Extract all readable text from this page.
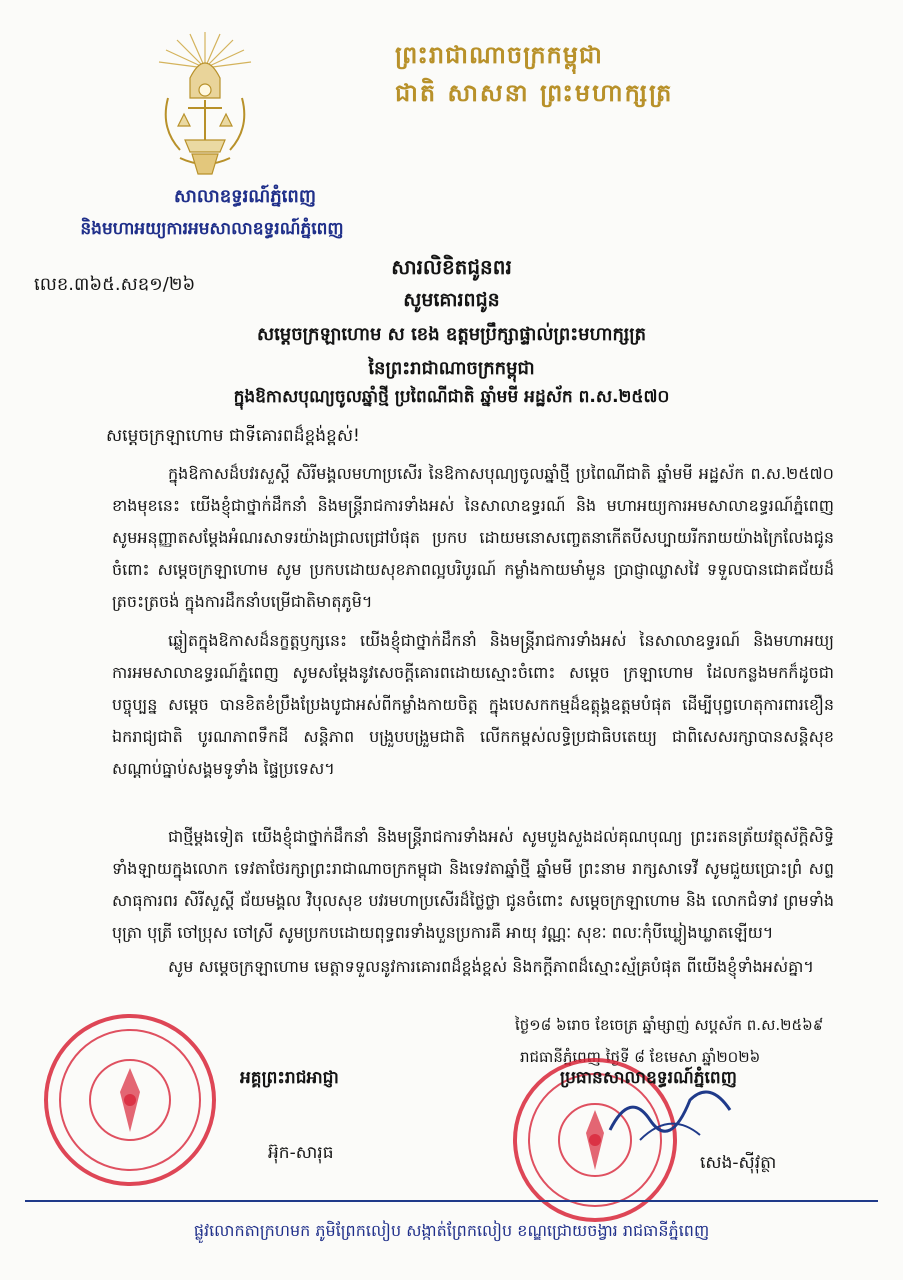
ព្រះរាជាណាចក្រកម្ពុជា
ជាតិ សាសនា ព្រះមហាក្សត្រ
សាលាឧទ្ធរណ៍ភ្នំពេញ
និងមហាអយ្យការអមសាលាឧទ្ធរណ៍ភ្នំពេញ
លេខ.៣៦៥.សឧ១/២៦
សារលិខិតជូនពរ
សូមគោរពជូន
សម្តេចក្រឡាហោម ស ខេង ឧត្តមប្រឹក្សាផ្ទាល់ព្រះមហាក្សត្រ
នៃព្រះរាជាណាចក្រកម្ពុជា
ក្នុងឱកាសបុណ្យចូលឆ្នាំថ្មី ប្រពៃណីជាតិ ឆ្នាំមមី អដ្ឋស័ក ព.ស.២៥៧០
សម្តេចក្រឡាហោម ជាទីគោរពដ៏ខ្ពង់ខ្ពស់!

ក្នុងឱកាសដ៏បវរសួស្តី សិរីមង្គលមហាប្រសើរ នៃឱកាសបុណ្យចូលឆ្នាំថ្មី ប្រពៃណីជាតិ ឆ្នាំមមី អដ្ឋស័ក ព.ស.២៥៧០ ខាងមុខនេះ យើងខ្ញុំជាថ្នាក់ដឹកនាំ និងមន្ត្រីរាជការទាំងអស់ នៃសាលាឧទ្ធរណ៍ និង មហាអយ្យការអមសាលាឧទ្ធរណ៍ភ្នំពេញ សូមអនុញ្ញាតសម្តែងអំណរសាទរយ៉ាងជ្រាលជ្រៅបំផុត ប្រកប ដោយមនោសញ្ចេតនាកើតបីសប្បាយរីករាយយ៉ាងក្រៃលែងជូនចំពោះ សម្តេចក្រឡាហោម សូម ប្រកបដោយសុខភាពល្អបរិបូរណ៍ កម្លាំងកាយមាំមួន ប្រាជ្ញាឈ្លាសវៃ ទទួលបានជោគជ័យដ៏ត្រចះត្រចង់ ក្នុងការដឹកនាំបម្រើជាតិមាតុភូមិ។

ឆ្លៀតក្នុងឱកាសដ៏នក្ខត្តឫក្សនេះ យើងខ្ញុំជាថ្នាក់ដឹកនាំ និងមន្ត្រីរាជការទាំងអស់ នៃសាលាឧទ្ធរណ៍ និងមហាអយ្យការអមសាលាឧទ្ធរណ៍ភ្នំពេញ សូមសម្តែងនូវសេចក្តីគោរពដោយស្មោះចំពោះ សម្តេច ក្រឡាហោម ដែលកន្លងមកក៏ដូចជាបច្ចុប្បន្ន សម្តេច បានខិតខំប្រឹងប្រែងបូជាអស់ពីកម្លាំងកាយចិត្ត ក្នុងបេសកកម្មដ៏ឧត្តុង្គឧត្តមបំផុត ដើម្បីបុព្វហេតុការពារខឿនឯករាជ្យជាតិ បូរណភាពទឹកដី សន្តិភាព បង្រួបបង្រួមជាតិ លើកកម្ពស់លទ្ធិប្រជាធិបតេយ្យ ជាពិសេសរក្សាបានសន្តិសុខ សណ្តាប់ធ្នាប់សង្គមទូទាំង ផ្ទៃប្រទេស។

ជាថ្មីម្តងទៀត យើងខ្ញុំជាថ្នាក់ដឹកនាំ និងមន្ត្រីរាជការទាំងអស់ សូមបួងសួងដល់គុណបុណ្យ ព្រះរតនត្រ័យវត្ថុស័ក្តិសិទ្ធិទាំងឡាយក្នុងលោក ទេវតាថែរក្សាព្រះរាជាណាចក្រកម្ពុជា និងទេវតាឆ្នាំថ្មី ឆ្នាំមមី ព្រះនាម រាក្សសាទេវី សូមជួយប្រោះព្រំ សព្ទសាធុការពរ សិរីសួស្តី ជ័យមង្គល វិបុលសុខ បវរមហាប្រសើរដ៏ថ្លៃថ្លា ជូនចំពោះ សម្តេចក្រឡាហោម និង លោកជំទាវ ព្រមទាំង បុត្រា បុត្រី ចៅប្រុស ចៅស្រី សូមប្រកបដោយពុទ្ធពរទាំងបួនប្រការគឺ អាយុ វណ្ណៈ សុខៈ ពលៈកុំបីឃ្លៀងឃ្លាតឡើយ។

សូម សម្តេចក្រឡាហោម មេត្តាទទួលនូវការគោរពដ៏ខ្ពង់ខ្ពស់ និងកក្តីភាពដ៏ស្មោះស្ម័គ្របំផុត ពីយើងខ្ញុំទាំងអស់គ្នា។

ថ្ងៃ១៨ ៦រោច ខែចេត្រ ឆ្នាំម្សាញ់ សប្តស័ក ព.ស.២៥៦៩
រាជធានីភ្នំពេញ ថ្ងៃទី ៨ ខែមេសា ឆ្នាំ២០២៦
អគ្គព្រះរាជអាជ្ញា	ប្រធានសាលាឧទ្ធរណ៍ភ្នំពេញ
អ៊ុក-សារុធ	សេង-ស៊ីវុត្ថា
ផ្លូវលោកតាក្រហមក ភូមិព្រែកលៀប សង្កាត់ព្រែកលៀប ខណ្ឌជ្រោយចង្វារ រាជធានីភ្នំពេញ
